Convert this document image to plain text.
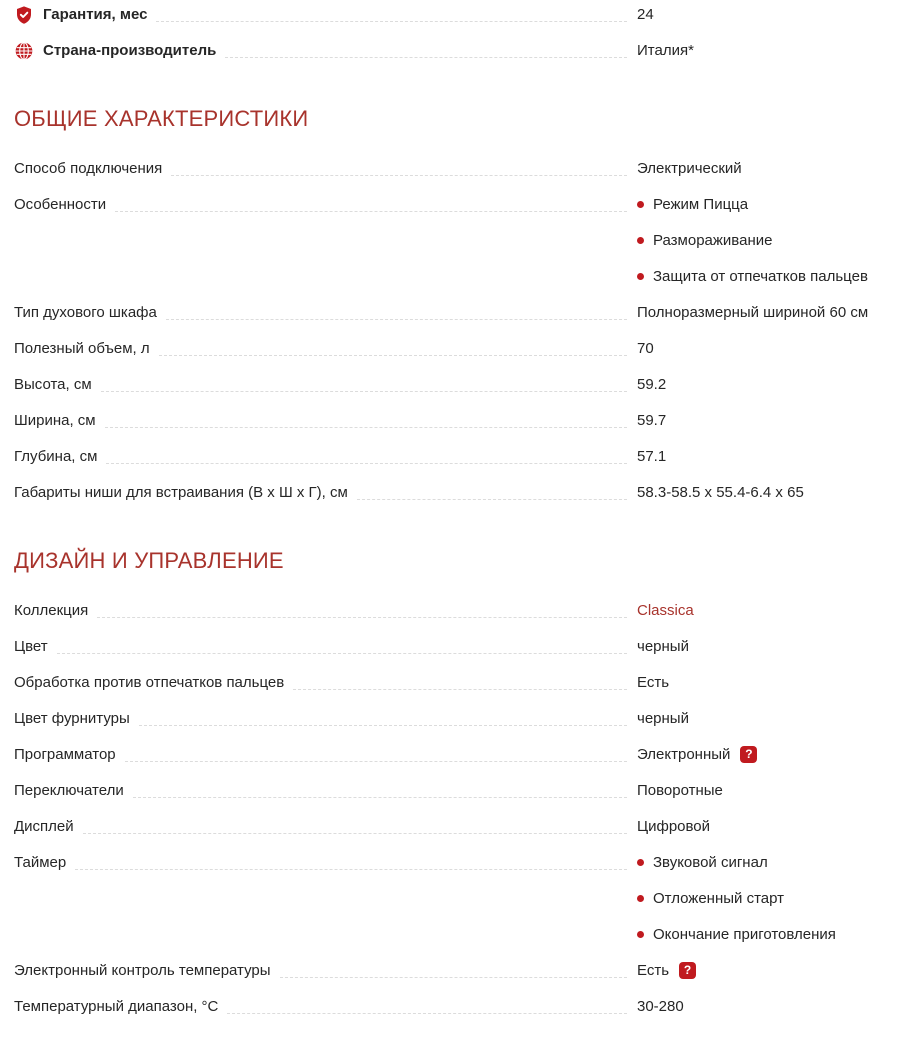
Гарантия, мес	24
Страна-производитель	Италия*
ОБЩИЕ ХАРАКТЕРИСТИКИ
Способ подключения	Электрический
Особенности	Режим Пицца
Размораживание
Защита от отпечатков пальцев
Тип духового шкафа	Полноразмерный шириной 60 см
Полезный объем, л	70
Высота, см	59.2
Ширина, см	59.7
Глубина, см	57.1
Габариты ниши для встраивания (В х Ш х Г), см	58.3-58.5 x 55.4-6.4 x 65
ДИЗАЙН И УПРАВЛЕНИЕ
Коллекция	Classica
Цвет	черный
Обработка против отпечатков пальцев	Есть
Цвет фурнитуры	черный
Программатор	Электронный	?
Переключатели	Поворотные
Дисплей	Цифровой
Таймер	Звуковой сигнал
Отложенный старт
Окончание приготовления
Электронный контроль температуры	Есть	?
Температурный диапазон, °С	30-280
